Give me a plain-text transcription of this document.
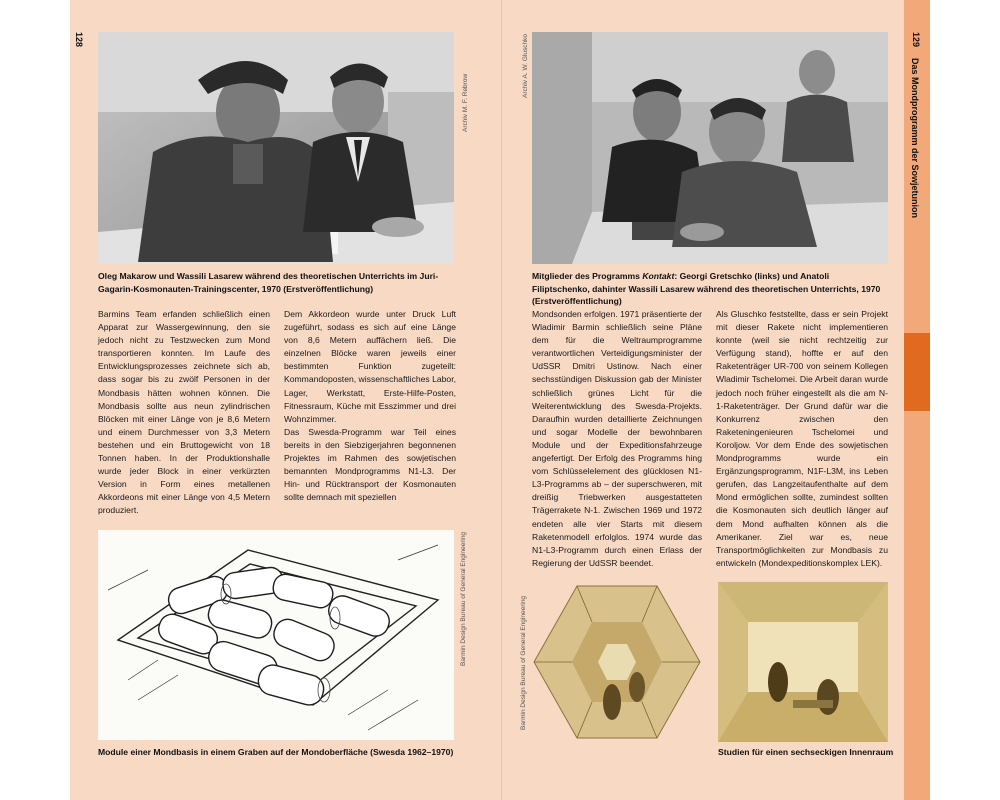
128
Archiv M. F. Rebrow
Oleg Makarow und Wassili Lasarew während des theoretischen Unterrichts im Juri-Gagarin-Kosmonauten-Trainingscenter, 1970 (Erstveröffentlichung)

Barmins Team erfanden schließlich einen Apparat zur Wassergewinnung, den sie jedoch nicht zu Testzwecken zum Mond transportieren konnten. Im Laufe des Entwicklungsprozesses zeichnete sich ab, dass sogar bis zu zwölf Personen in der Mondbasis hätten wohnen können. Die Mondbasis sollte aus neun zylindrischen Blöcken mit einer Länge von je 8,6 Metern und einem Durchmesser von 3,3 Metern bestehen und ein Bruttogewicht von 18 Tonnen haben. In der Produktionshalle wurde jeder Block in einer verkürzten Version in Form eines metallenen Akkordeons mit einer Länge von 4,5 Metern produziert.

Dem Akkordeon wurde unter Druck Luft zugeführt, sodass es sich auf eine Länge von 8,6 Metern auffächern ließ. Die einzelnen Blöcke waren jeweils einer bestimmten Funktion zugeteilt: Kommandoposten, wissenschaftliches Labor, Lager, Werkstatt, Erste-Hilfe-Posten, Fitnessraum, Küche mit Esszimmer und drei Wohnzimmer.

Das Swesda-Programm war Teil eines bereits in den Siebzigerjahren begonnenen Projektes im Rahmen des sowjetischen bemannten Mondprogramms N1-L3. Der Hin- und Rücktransport der Kosmonauten sollte demnach mit speziellen

Barmin Design Bureau of General Engineering
Module einer Mondbasis in einem Graben auf der Mondoberfläche (Swesda 1962–1970)
Archiv A. W. Gluschko
Mitglieder des Programms Kontakt: Georgi Gretschko (links) und Anatoli Filiptschenko, dahinter Wassili Lasarew während des theoretischen Unterrichts, 1970 (Erstveröffentlichung)

Mondsonden erfolgen. 1971 präsentierte der Wladimir Barmin schließlich seine Pläne dem für die Weltraumprogramme verantwortlichen Verteidigungsminister der UdSSR Dmitri Ustinow. Nach einer sechsstündigen Diskussion gab der Minister schließlich grünes Licht für die Weiterentwicklung des Swesda-Projekts. Daraufhin wurden detaillierte Zeichnungen und sogar Modelle der bewohnbaren Module und der Expeditionsfahrzeuge angefertigt. Der Erfolg des Programms hing vom Schlüsselelement des glücklosen N1-L3-Programms ab – der superschweren, mit dreißig Triebwerken ausgestatteten Trägerrakete N-1. Zwischen 1969 und 1972 endeten alle vier Starts mit diesem Raketenmodell erfolglos. 1974 wurde das N1-L3-Programm durch einen Erlass der Regierung der UdSSR beendet.

Als Gluschko feststellte, dass er sein Projekt mit dieser Rakete nicht implementieren konnte (weil sie nicht rechtzeitig zur Verfügung stand), hoffte er auf den Raketenträger UR-700 von seinem Kollegen Wladimir Tschelomei. Die Arbeit daran wurde jedoch noch früher eingestellt als die am N-1-Raketenträger. Der Grund dafür war die Konkurrenz zwischen den Raketeningenieuren Tschelomei und Koroljow. Vor dem Ende des sowjetischen Mondprogramms wurde ein Ergänzungsprogramm, N1F-L3M, ins Leben gerufen, das Langzeitaufenthalte auf dem Mond ermöglichen sollte, zumindest sollten die Kosmonauten sich deutlich länger auf dem Mond aufhalten können als die Amerikaner. Ziel war es, neue Transportmöglichkeiten zur Mondbasis zu entwickeln (Mondexpeditionskomplex LEK).

Barmin Design Bureau of General Engineering
Studien für einen sechseckigen Innenraum
129
Das Mondprogramm der Sowjetunion
